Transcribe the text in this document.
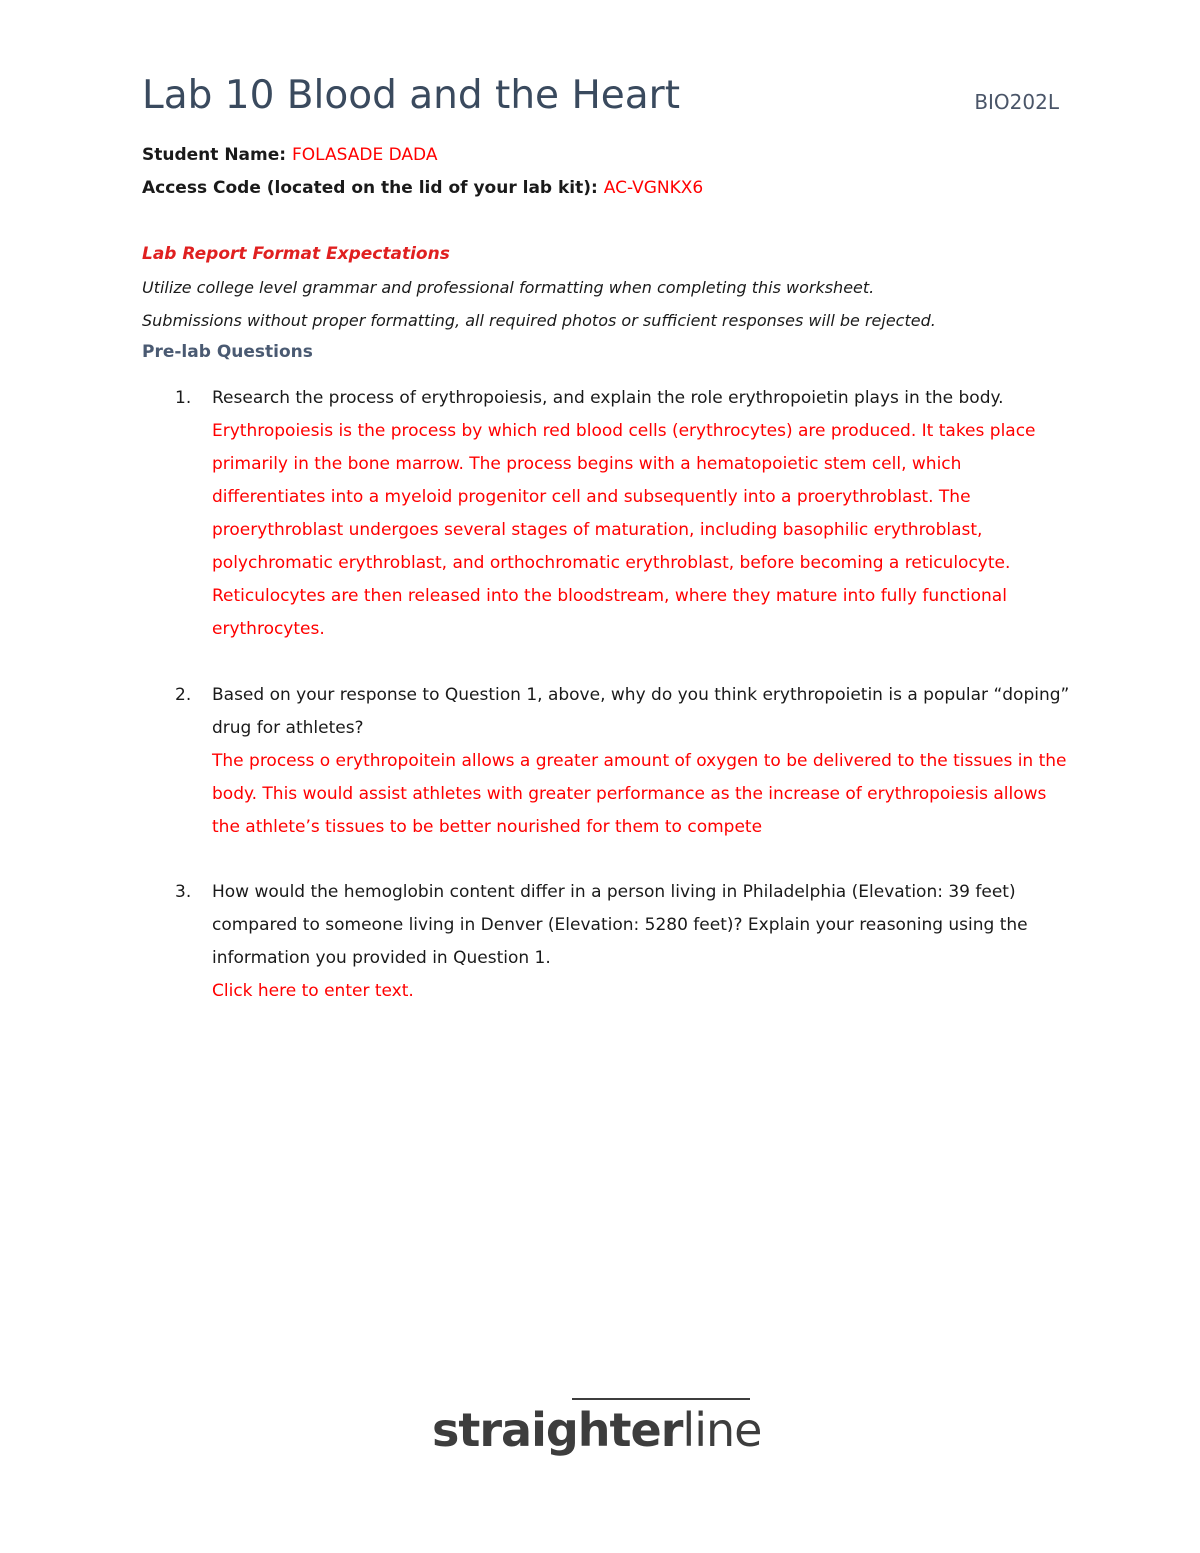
Lab 10 Blood and the Heart	BIO202L
Student Name: FOLASADE DADA
Access Code (located on the lid of your lab kit): AC-VGNKX6
Lab Report Format Expectations
Utilize college level grammar and professional formatting when completing this worksheet.
Submissions without proper formatting, all required photos or sufficient responses will be rejected.
Pre-lab Questions
1. Research the process of erythropoiesis, and explain the role erythropoietin plays in the body.
Erythropoiesis is the process by which red blood cells (erythrocytes) are produced. It takes place primarily in the bone marrow. The process begins with a hematopoietic stem cell, which differentiates into a myeloid progenitor cell and subsequently into a proerythroblast. The proerythroblast undergoes several stages of maturation, including basophilic erythroblast, polychromatic erythroblast, and orthochromatic erythroblast, before becoming a reticulocyte. Reticulocytes are then released into the bloodstream, where they mature into fully functional erythrocytes.
2. Based on your response to Question 1, above, why do you think erythropoietin is a popular “doping” drug for athletes?
The process o erythropoitein allows a greater amount of oxygen to be delivered to the tissues in the body. This would assist athletes with greater performance as the increase of erythropoiesis allows the athlete’s tissues to be better nourished for them to compete
3. How would the hemoglobin content differ in a person living in Philadelphia (Elevation: 39 feet) compared to someone living in Denver (Elevation: 5280 feet)? Explain your reasoning using the information you provided in Question 1.
Click here to enter text.
straighterline
